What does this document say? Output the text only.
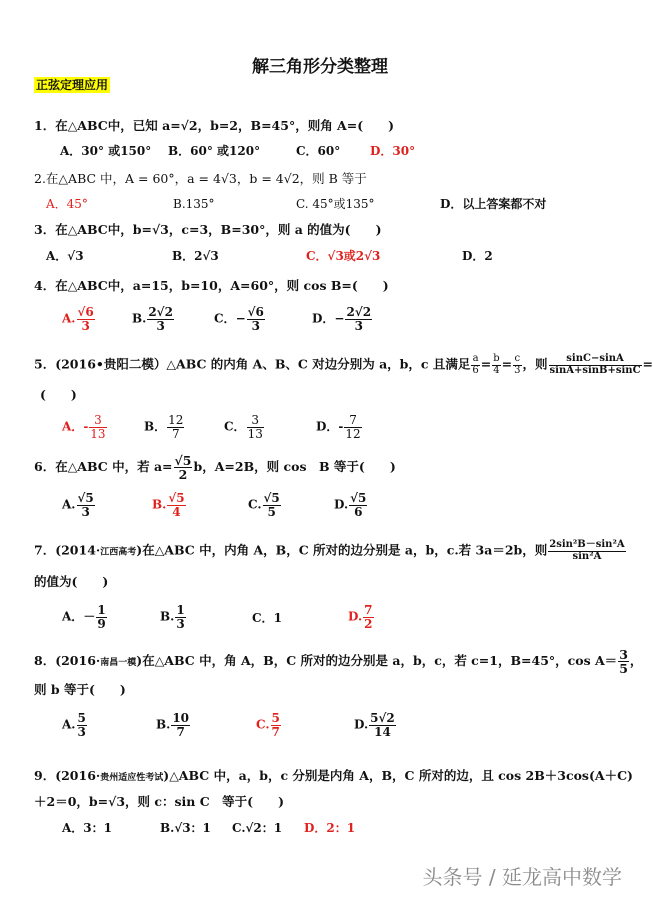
解三角形分类整理
正弦定理应用
1．在△ABC中，已知 a=√2，b=2，B=45°，则角 A=(　　)
A．30° 或150° B．60° 或120°	C．60° D．30°
2.在△ABC 中，A = 60°，a = 4√3，b = 4√2，则 B 等于
A．45°	B.135°	C. 45°或135°	D．以上答案都不对
3．在△ABC中，b=√3，c=3，B=30°，则 a 的值为(　　)
A．√3	B．2√3	C．√3或2√3	D．2
4．在△ABC中，a=15，b=10，A=60°，则 cos B=(　　)
A. $\frac{√6}{3}$	B. $\frac{2√2}{3}$	C．− $\frac{√6}{3}$	D．− $\frac{2√2}{3}$
5．(2016•贵阳二模）△ABC 的内角 A、B、C 对边分别为 a，b，c 且满足 $\frac{a}{6} = \frac{b}{4} = \frac{c}{3}$ ，则 $\frac{\sin C-\sin A}{\sin A+\sin B+\sin C}$ =
(　　)
A．- $\frac{3}{13}$	B． $\frac{12}{7}$	C． $\frac{3}{13}$	D．- $\frac{7}{12}$
6．在△ABC 中，若 $a= \frac{√5}{2}$ b，A=2B，则 cos　B 等于(　　)
A. $\frac{√5}{3}$	B. $\frac{√5}{4}$	C. $\frac{√5}{5}$	D. $\frac{√5}{6}$
7．(2014·江西高考)在△ABC 中，内角 A，B，C 所对的边分别是 a，b，c.若 3a＝2b，则 $\frac{\text{2sin²B－sin²A}}{\text{sin²A}}$
的值为(　　)
A．－ $\frac{1}{9}$	B. $\frac{1}{3}$	C．1	D. $\frac{7}{2}$
8．(2016·南昌一模)在△ABC 中，角 A，B，C 所对的边分别是 a，b，c，若 c=1，B=45°，$\cos A= \frac{3}{5}$ ，
则 b 等于(　　)
A. $\frac{5}{3}$	B. $\frac{10}{7}$	C. $\frac{5}{7}$	D. $\frac{5√2}{14}$
9．(2016·贵州适应性考试)△ABC 中，a，b，c 分别是内角 A，B，C 所对的边，且 cos 2B＋3cos(A＋C)
＋2＝0，b=√3，则 c：sin C　等于(　　)
A．3：1	B.√3：1 C.√2：1 D．2：1
头条号 / 延龙高中数学
